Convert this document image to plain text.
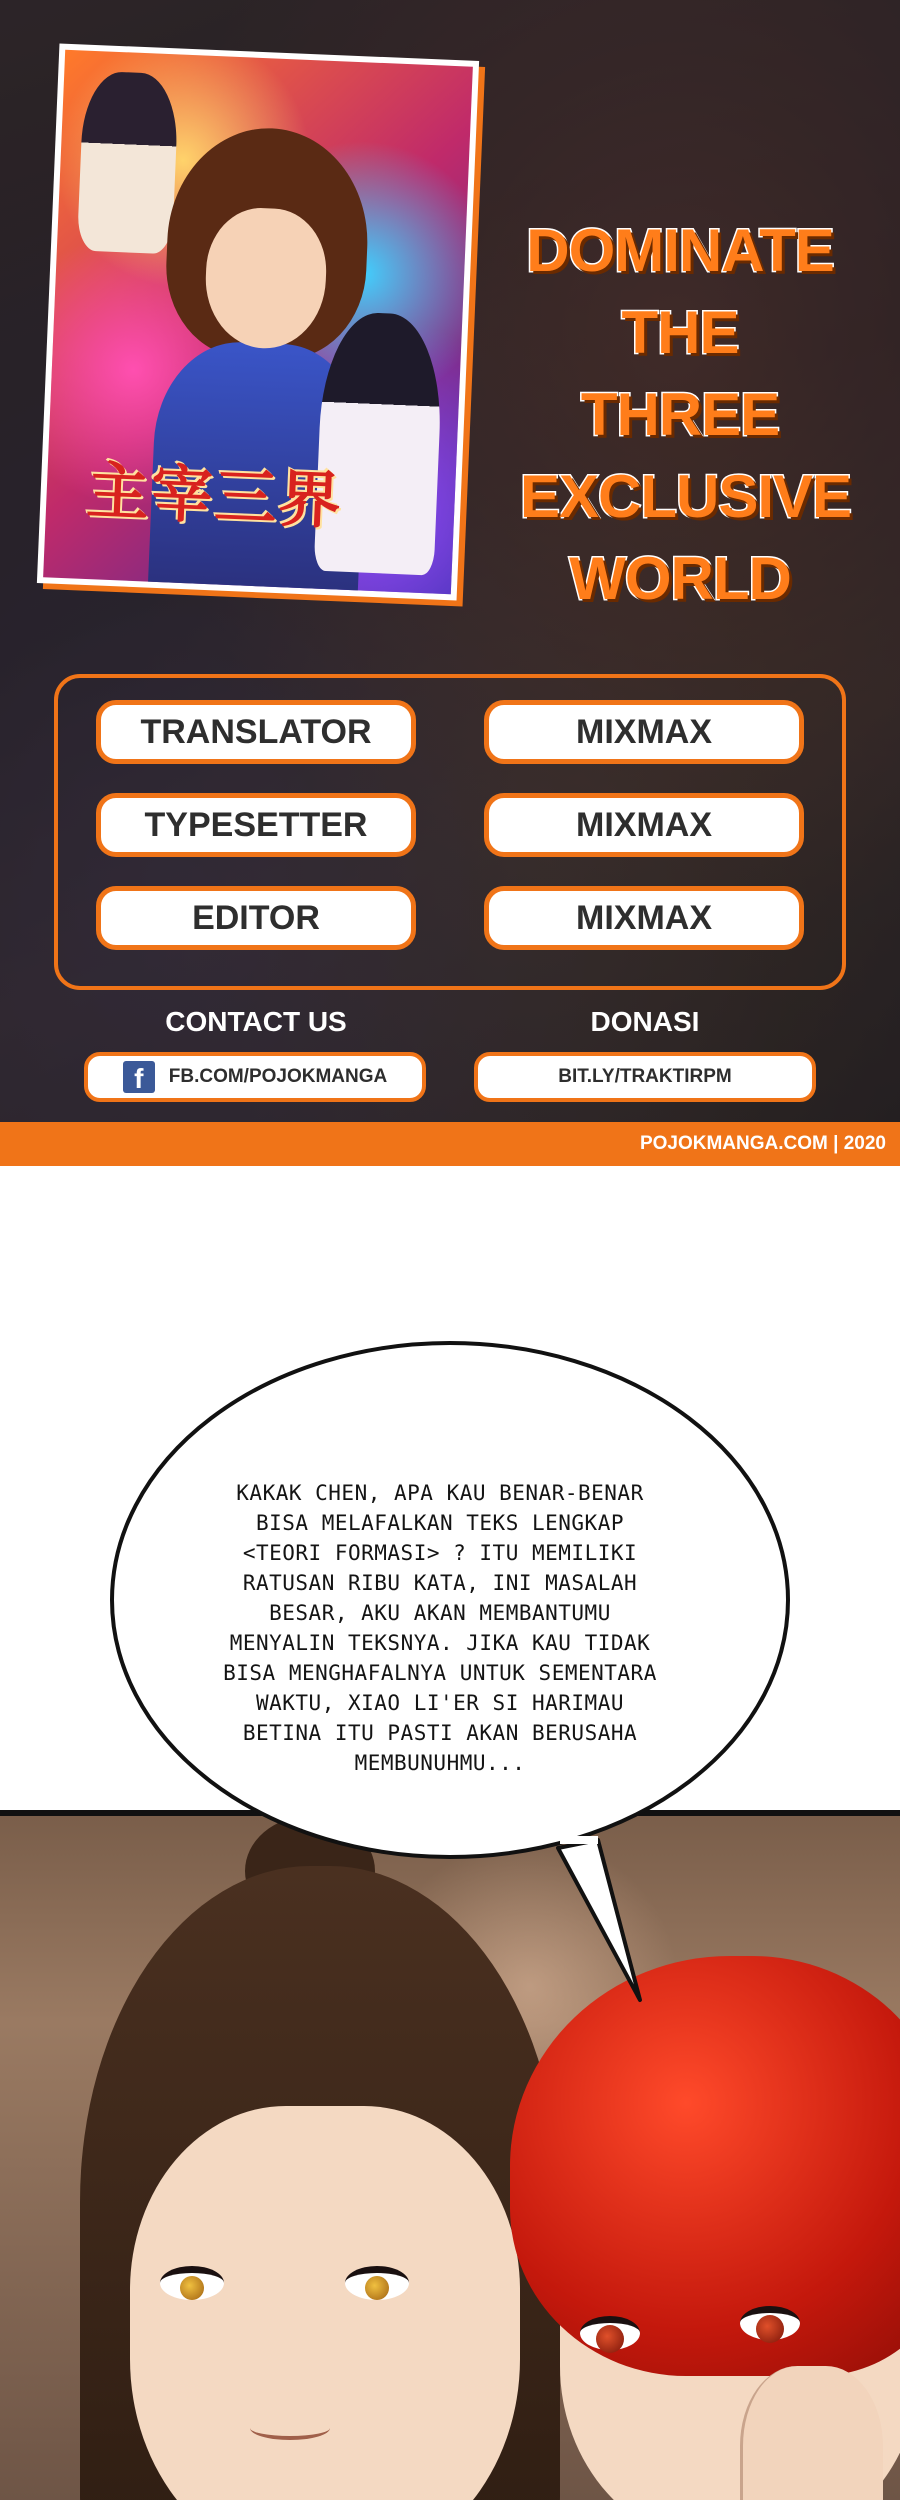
主宰三界
DOMINATE
THE THREE
EXCLUSIVE
WORLD
TRANSLATOR	MIXMAX
TYPESETTER	MIXMAX
EDITOR	MIXMAX
CONTACT US	DONASI
f	FB.COM/POJOKMANGA	BIT.LY/TRAKTIRPM
POJOKMANGA.COM | 2020
KAKAK CHEN, APA KAU BENAR-BENAR
BISA MELAFALKAN TEKS LENGKAP
<TEORI FORMASI> ? ITU MEMILIKI
RATUSAN RIBU KATA, INI MASALAH
BESAR, AKU AKAN MEMBANTUMU
MENYALIN TEKSNYA. JIKA KAU TIDAK
BISA MENGHAFALNYA UNTUK SEMENTARA
WAKTU, XIAO LI'ER SI HARIMAU
BETINA ITU PASTI AKAN BERUSAHA
MEMBUNUHMU...
